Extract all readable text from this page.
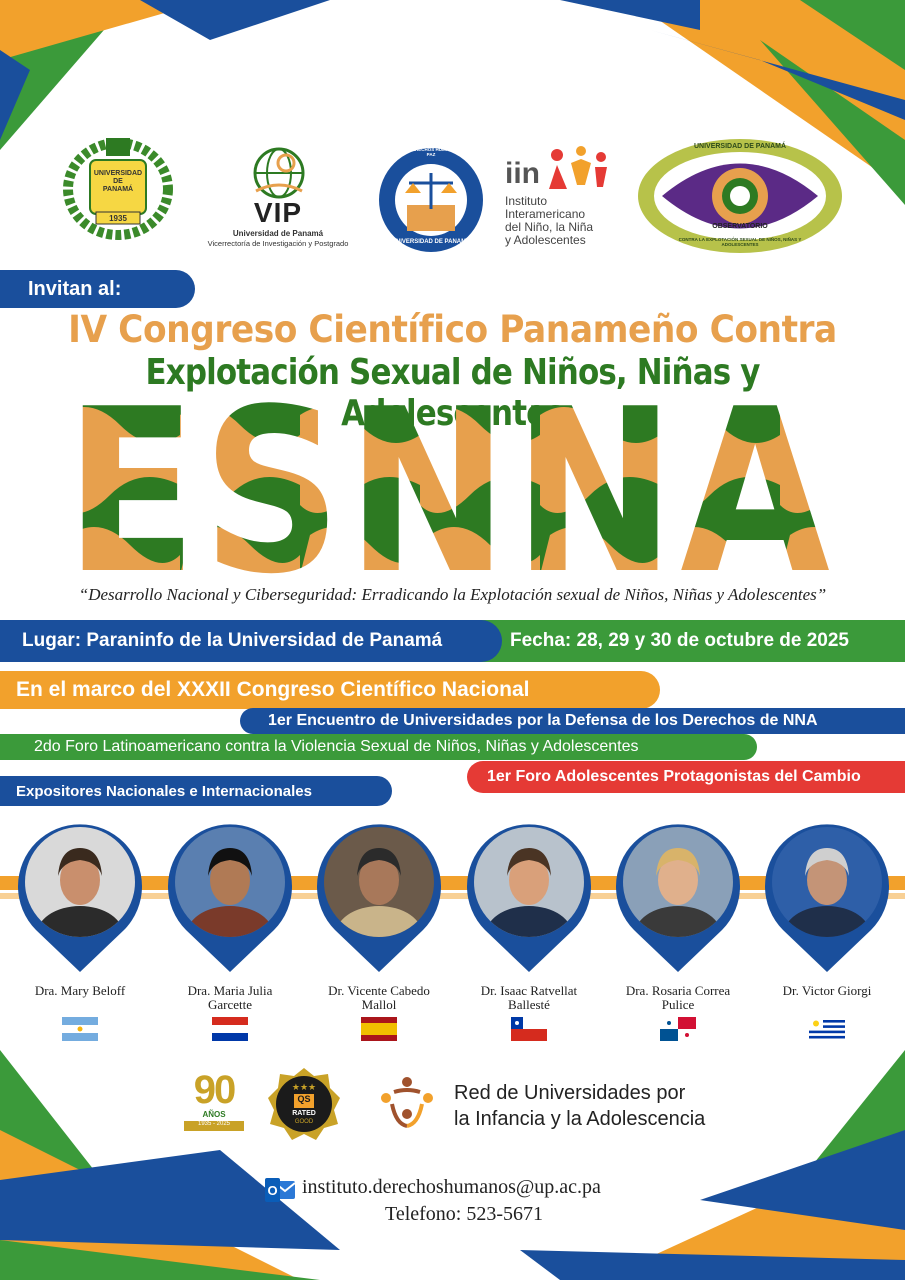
UNIVERSIDAD
DE
PANAMÁ
1935	VIP
Universidad de Panamá
Vicerrectoría de Investigación y Postgrado
INSTITUTO DE DERECHOS HUMANOS, JUSTICIA Y PAZ
UNIVERSIDAD DE PANAMÁ
iin
Instituto
Interamericano
del Niño, la Niña
y Adolescentes
UNIVERSIDAD DE PANAMÁ
OBSERVATORIO
CONTRA LA EXPLOTACIÓN SEXUAL DE NIÑOS, NIÑAS Y ADOLESCENTES
Invitan al:
IV Congreso Científico Panameño Contra
Explotación Sexual de Niños, Niñas y Adolescentes
ESNNA
“Desarrollo Nacional y Ciberseguridad: Erradicando la Explotación sexual de Niños, Niñas y Adolescentes”
Fecha: 28, 29 y 30 de octubre de 2025
Lugar: Paraninfo de la Universidad de Panamá
En el marco del XXXII Congreso Científico Nacional
1er Encuentro de Universidades por la Defensa de los Derechos de NNA
2do Foro Latinoamericano contra la Violencia Sexual de Niños, Niñas y Adolescentes
1er Foro Adolescentes Protagonistas del Cambio
Expositores Nacionales e Internacionales
Dra. Mary Beloff	Dra. Maria Julia Garcette
Dr. Vicente Cabedo Mallol
Dr. Isaac Ratvellat Ballesté
Dra. Rosaria Correa Pulice
Dr. Victor Giorgi
90
AÑOS
1935 - 2025
★★★
QS
RATED
GOOD
Red de Universidades por
la Infancia y la Adolescencia
O instituto.derechoshumanos@up.ac.pa
Telefono: 523-5671
